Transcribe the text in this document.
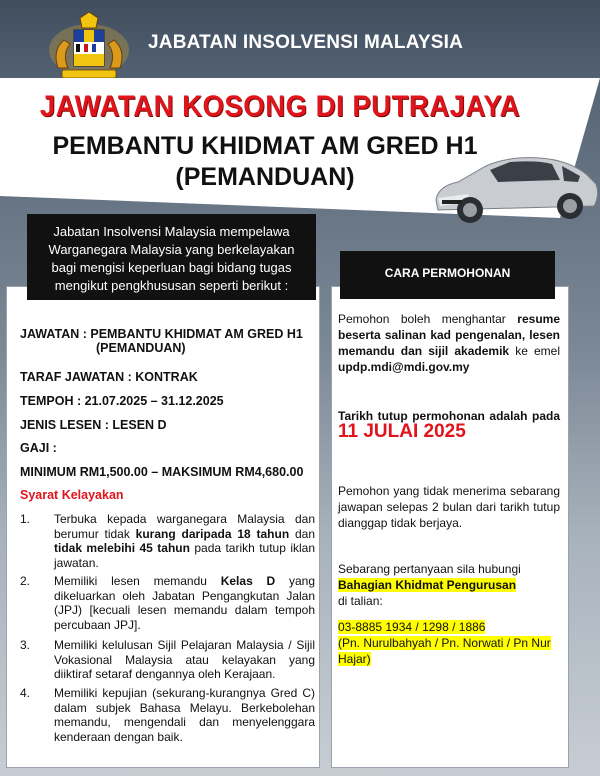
JABATAN INSOLVENSI MALAYSIA
JAWATAN KOSONG DI PUTRAJAYA
PEMBANTU KHIDMAT AM GRED H1
(PEMANDUAN)
Jabatan Insolvensi Malaysia mempelawa Warganegara Malaysia yang berkelayakan bagi mengisi keperluan bagi bidang tugas mengikut pengkhususan seperti berikut :
JAWATAN : PEMBANTU KHIDMAT AM GRED H1
(PEMANDUAN)
TARAF JAWATAN : KONTRAK
TEMPOH : 21.07.2025 – 31.12.2025
JENIS LESEN : LESEN D
GAJI :
MINIMUM RM1,500.00 – MAKSIMUM RM4,680.00
Syarat Kelayakan
1.	Terbuka kepada warganegara Malaysia dan berumur tidak kurang daripada 18 tahun dan tidak melebihi 45 tahun pada tarikh tutup iklan jawatan.
2.	Memiliki lesen memandu Kelas D yang dikeluarkan oleh Jabatan Pengangkutan Jalan (JPJ) [kecuali lesen memandu dalam tempoh percubaan JPJ].
3.	Memiliki kelulusan Sijil Pelajaran Malaysia / Sijil Vokasional Malaysia atau kelayakan yang diiktiraf setaraf dengannya oleh Kerajaan.
4.	Memiliki kepujian (sekurang-kurangnya Gred C) dalam subjek Bahasa Melayu. Berkebolehan memandu, mengendali dan menyelenggara kenderaan dengan baik.
CARA PERMOHONAN
Pemohon boleh menghantar resume beserta salinan kad pengenalan, lesen memandu dan sijil akademik ke emel updp.mdi@mdi.gov.my
Tarikh tutup permohonan adalah pada 11 JULAI 2025
Pemohon yang tidak menerima sebarang jawapan selepas 2 bulan dari tarikh tutup dianggap tidak berjaya.
Sebarang pertanyaan sila hubungi
Bahagian Khidmat Pengurusan
di talian:
03-8885 1934 / 1298 / 1886
(Pn. Nurulbahyah / Pn. Norwati / Pn Nur Hajar)
